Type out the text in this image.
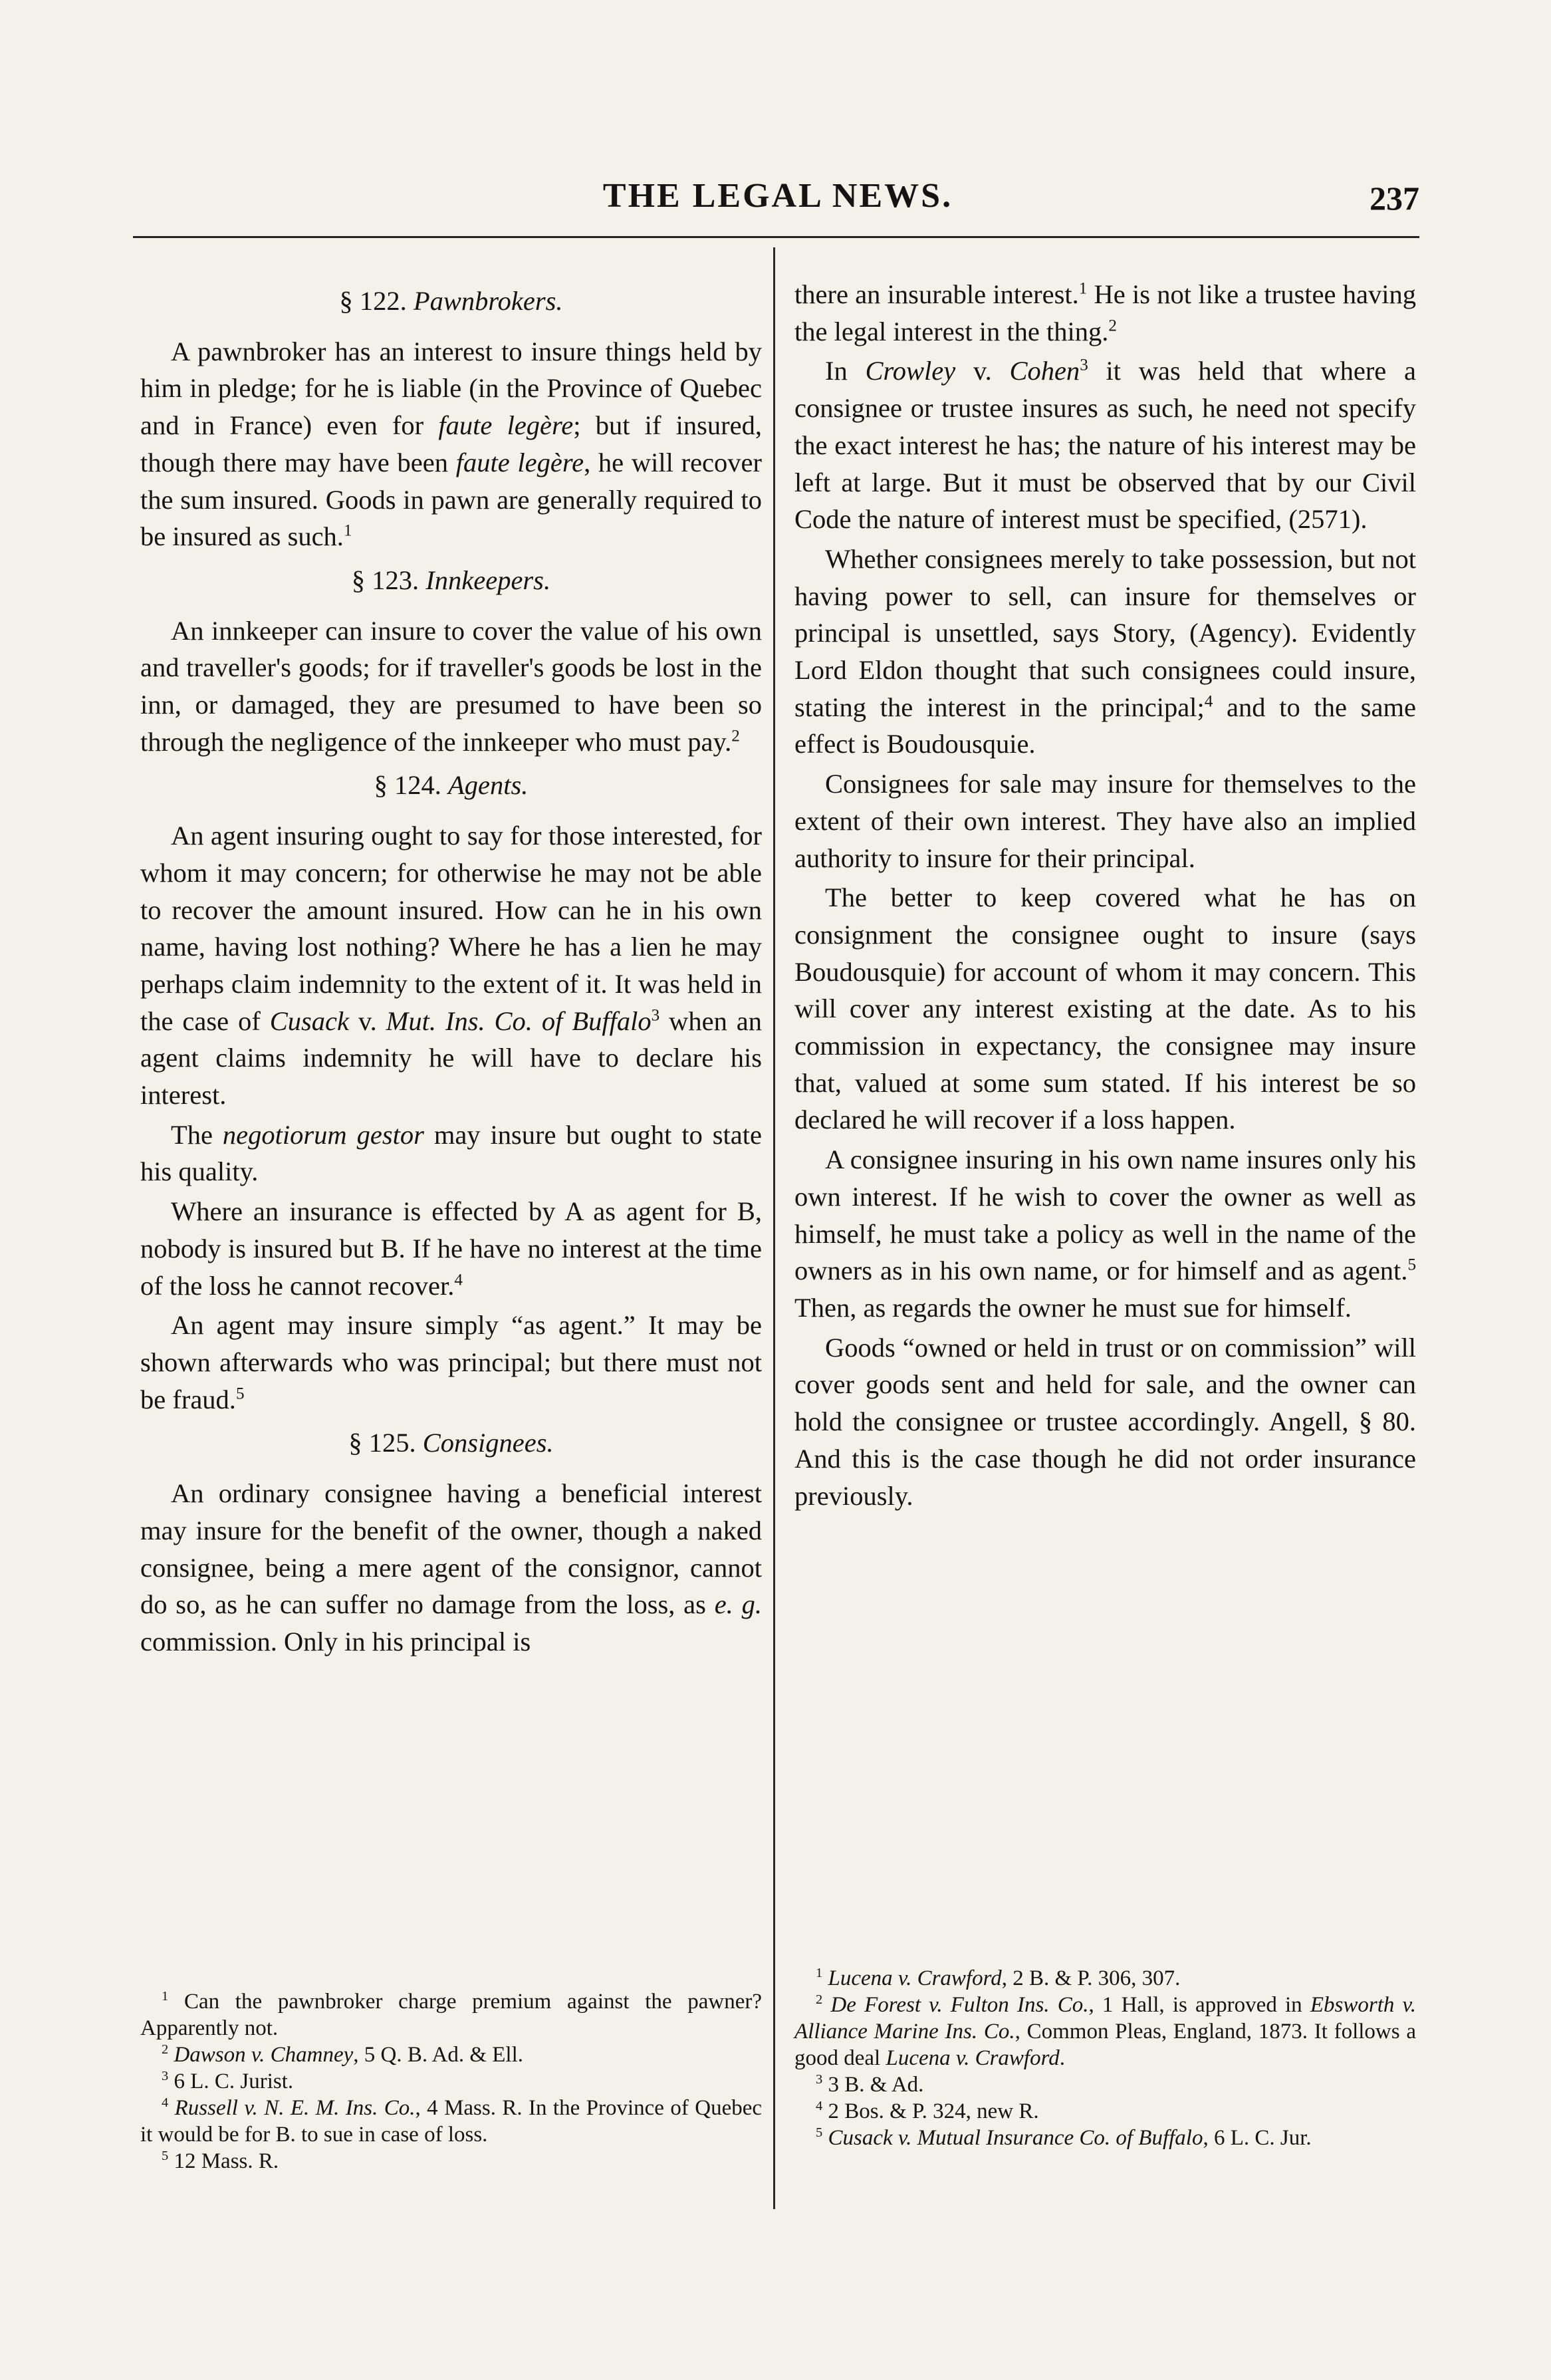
THE LEGAL NEWS.	237
§ 122. Pawnbrokers.

A pawnbroker has an interest to insure things held by him in pledge; for he is liable (in the Province of Quebec and in France) even for faute legère; but if insured, though there may have been faute legère, he will recover the sum insured. Goods in pawn are generally required to be insured as such.$^1$

§ 123. Innkeepers.

An innkeeper can insure to cover the value of his own and traveller's goods; for if traveller's goods be lost in the inn, or damaged, they are presumed to have been so through the negligence of the innkeeper who must pay.$^2$

§ 124. Agents.

An agent insuring ought to say for those interested, for whom it may concern; for otherwise he may not be able to recover the amount insured. How can he in his own name, having lost nothing? Where he has a lien he may perhaps claim indemnity to the extent of it. It was held in the case of Cusack v. Mut. Ins. Co. of Buffalo$^3$ when an agent claims indemnity he will have to declare his interest.

The negotiorum gestor may insure but ought to state his quality.

Where an insurance is effected by A as agent for B, nobody is insured but B. If he have no interest at the time of the loss he cannot recover.$^4$

An agent may insure simply “as agent.” It may be shown afterwards who was principal; but there must not be fraud.$^5$

§ 125. Consignees.

An ordinary consignee having a beneficial interest may insure for the benefit of the owner, though a naked consignee, being a mere agent of the consignor, cannot do so, as he can suffer no damage from the loss, as e. g. commission. Only in his principal is

$^1$ Can the pawnbroker charge premium against the pawner? Apparently not.
$^2$ Dawson v. Chamney, 5 Q. B. Ad. & Ell.
$^3$ 6 L. C. Jurist.
$^4$ Russell v. N. E. M. Ins. Co., 4 Mass. R. In the Province of Quebec it would be for B. to sue in case of loss.
$^5$ 12 Mass. R.

there an insurable interest.$^1$ He is not like a trustee having the legal interest in the thing.$^2$

In Crowley v. Cohen$^3$ it was held that where a consignee or trustee insures as such, he need not specify the exact interest he has; the nature of his interest may be left at large. But it must be observed that by our Civil Code the nature of interest must be specified, (2571).

Whether consignees merely to take possession, but not having power to sell, can insure for themselves or principal is unsettled, says Story, (Agency). Evidently Lord Eldon thought that such consignees could insure, stating the interest in the principal;$^4$ and to the same effect is Boudousquie.

Consignees for sale may insure for themselves to the extent of their own interest. They have also an implied authority to insure for their principal.

The better to keep covered what he has on consignment the consignee ought to insure (says Boudousquie) for account of whom it may concern. This will cover any interest existing at the date. As to his commission in expectancy, the consignee may insure that, valued at some sum stated. If his interest be so declared he will recover if a loss happen.

A consignee insuring in his own name insures only his own interest. If he wish to cover the owner as well as himself, he must take a policy as well in the name of the owners as in his own name, or for himself and as agent.$^5$ Then, as regards the owner he must sue for himself.

Goods “owned or held in trust or on commission” will cover goods sent and held for sale, and the owner can hold the consignee or trustee accordingly. Angell, § 80. And this is the case though he did not order insurance previously.

$^1$ Lucena v. Crawford, 2 B. & P. 306, 307.
$^2$ De Forest v. Fulton Ins. Co., 1 Hall, is approved in Ebsworth v. Alliance Marine Ins. Co., Common Pleas, England, 1873. It follows a good deal Lucena v. Crawford.
$^3$ 3 B. & Ad.
$^4$ 2 Bos. & P. 324, new R.
$^5$ Cusack v. Mutual Insurance Co. of Buffalo, 6 L. C. Jur.
